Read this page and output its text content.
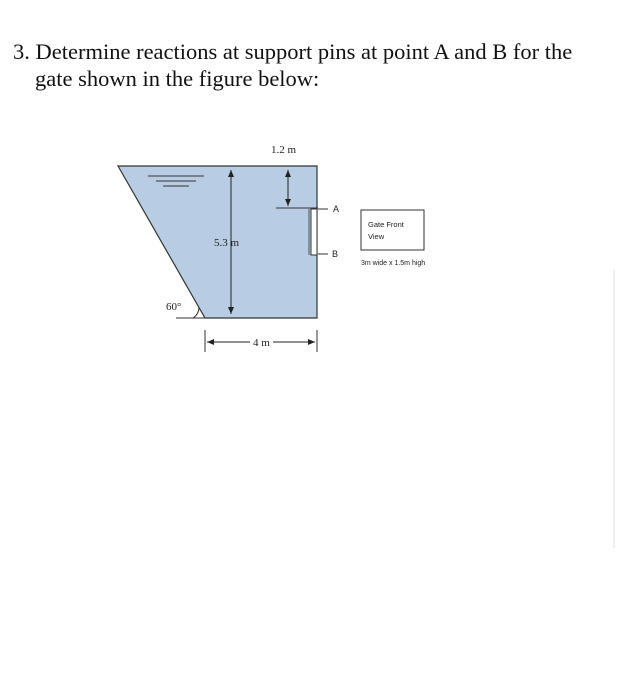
3. Determine reactions at support pins at point A and B for the
gate shown in the figure below:
5.3 m
1.2 m
A
B
60°
4 m
Gate Front
View
3m wide x 1.5m high
